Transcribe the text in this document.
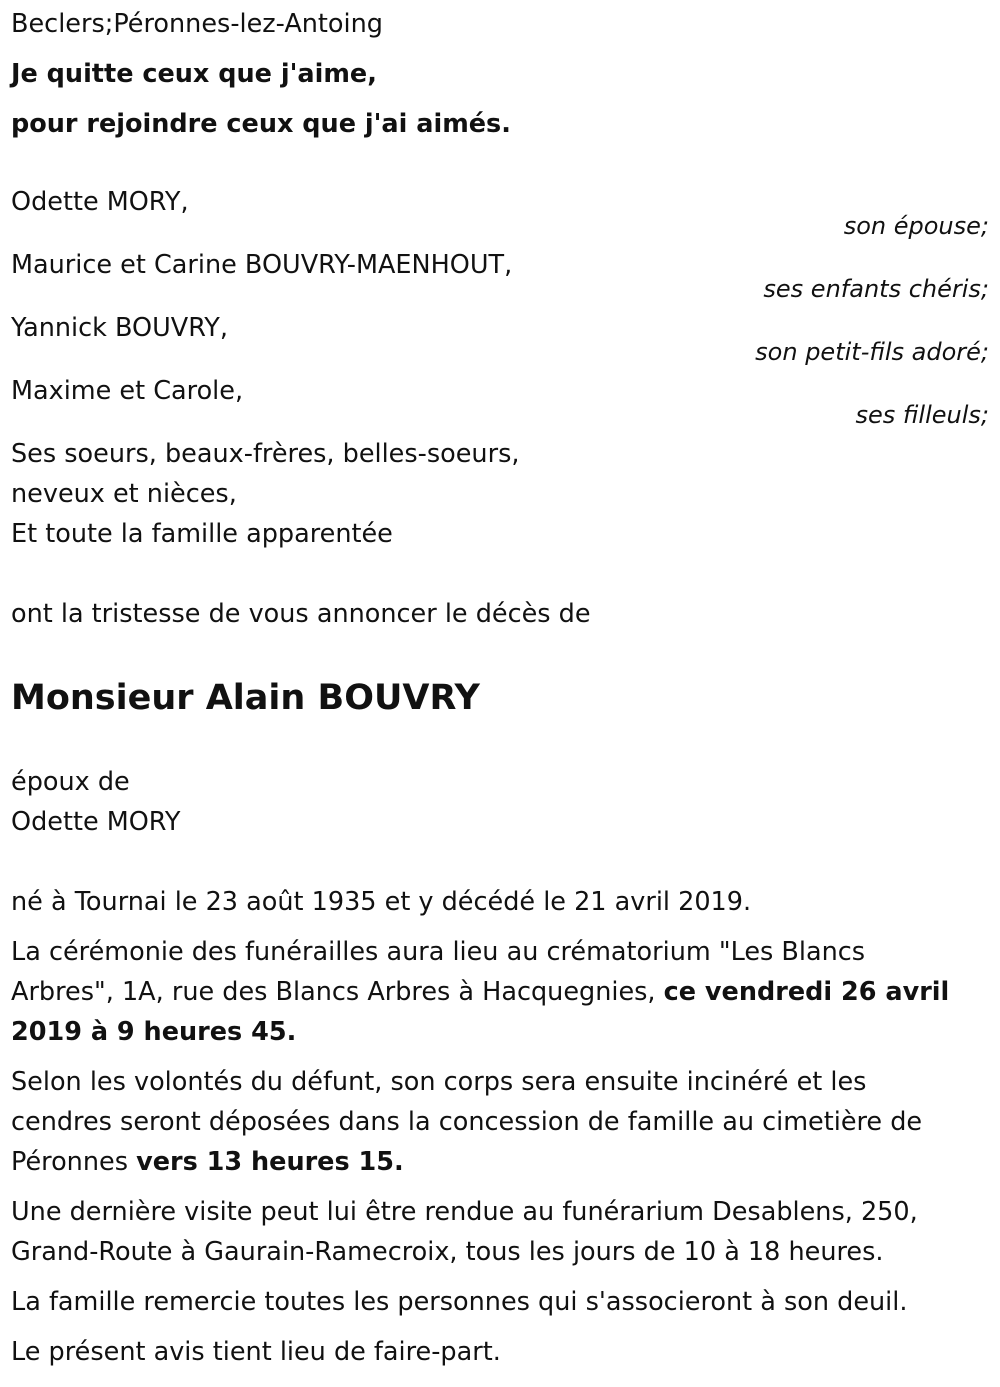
Beclers;Péronnes-lez-Antoing
Je quitte ceux que j'aime,
pour rejoindre ceux que j'ai aimés.
Odette MORY,
son épouse;
Maurice et Carine BOUVRY-MAENHOUT,
ses enfants chéris;
Yannick BOUVRY,
son petit-fils adoré;
Maxime et Carole,
ses filleuls;
Ses soeurs, beaux-frères, belles-soeurs,
neveux et nièces,
Et toute la famille apparentée
ont la tristesse de vous annoncer le décès de
Monsieur Alain BOUVRY
époux de
Odette MORY
né à Tournai le 23 août 1935 et y décédé le 21 avril 2019.
La cérémonie des funérailles aura lieu au crématorium "Les Blancs
Arbres", 1A, rue des Blancs Arbres à Hacquegnies, ce vendredi 26 avril
2019 à 9 heures 45.
Selon les volontés du défunt, son corps sera ensuite incinéré et les
cendres seront déposées dans la concession de famille au cimetière de
Péronnes vers 13 heures 15.
Une dernière visite peut lui être rendue au funérarium Desablens, 250,
Grand-Route à Gaurain-Ramecroix, tous les jours de 10 à 18 heures.
La famille remercie toutes les personnes qui s'associeront à son deuil.
Le présent avis tient lieu de faire-part.
